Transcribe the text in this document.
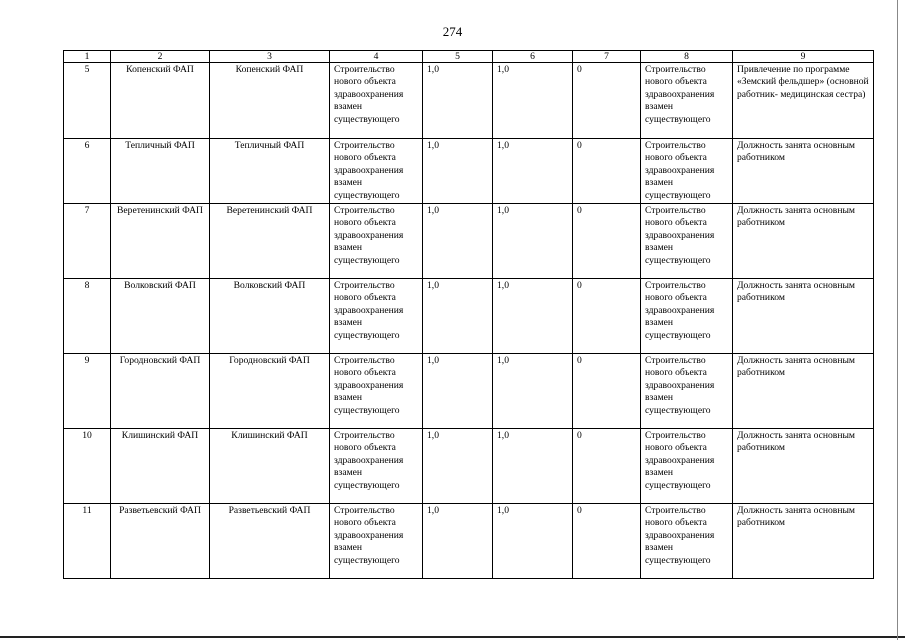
274
1	2	3	4	5	6	7	8	9
5	Копенский ФАП	Копенский ФАП	Строительство нового объекта здравоохранения взамен существующего	1,0	1,0	0	Строительство нового объекта здравоохранения взамен существующего	Привлечение по программе «Земский фельдшер» (основной работник- медицинская сестра)
6	Тепличный ФАП	Тепличный ФАП	Строительство нового объекта здравоохранения взамен существующего	1,0	1,0	0	Строительство нового объекта здравоохранения взамен существующего	Должность занята основным работником
7	Веретенинский ФАП	Веретенинский ФАП	Строительство нового объекта здравоохранения взамен существующего	1,0	1,0	0	Строительство нового объекта здравоохранения взамен существующего	Должность занята основным работником
8	Волковский ФАП	Волковский ФАП	Строительство нового объекта здравоохранения взамен существующего	1,0	1,0	0	Строительство нового объекта здравоохранения взамен существующего	Должность занята основным работником
9	Городновский ФАП	Городновский ФАП	Строительство нового объекта здравоохранения взамен существующего	1,0	1,0	0	Строительство нового объекта здравоохранения взамен существующего	Должность занята основным работником
10	Клишинский ФАП	Клишинский ФАП	Строительство нового объекта здравоохранения взамен существующего	1,0	1,0	0	Строительство нового объекта здравоохранения взамен существующего	Должность занята основным работником
11	Разветьевский ФАП	Разветьевский ФАП	Строительство нового объекта здравоохранения взамен существующего	1,0	1,0	0	Строительство нового объекта здравоохранения взамен существующего	Должность занята основным работником
